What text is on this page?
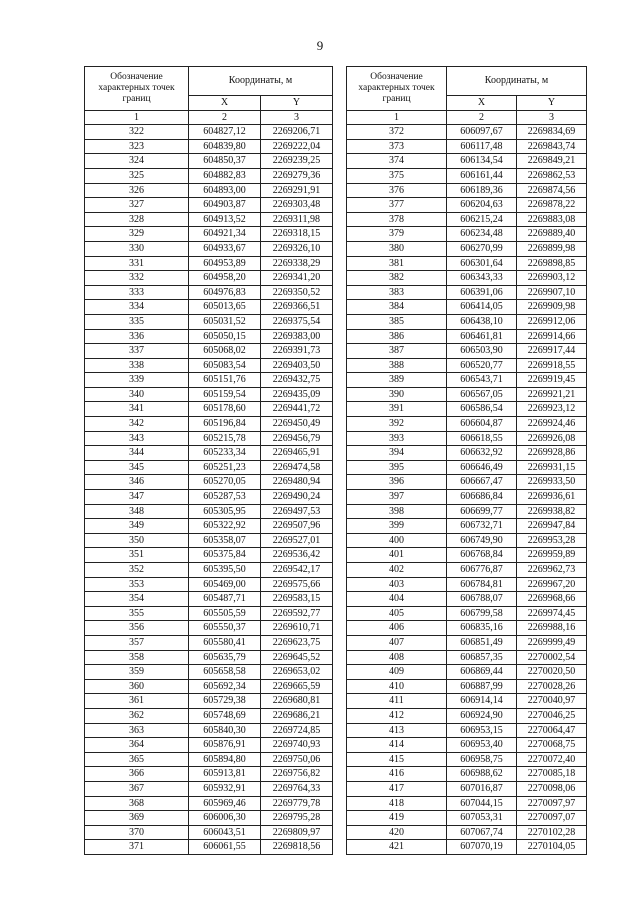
9
Обозначение характерных точек границ	Координаты, м	
	X	Y
1	2	3
322	604827,12	2269206,71
323	604839,80	2269222,04
324	604850,37	2269239,25
325	604882,83	2269279,36
326	604893,00	2269291,91
327	604903,87	2269303,48
328	604913,52	2269311,98
329	604921,34	2269318,15
330	604933,67	2269326,10
331	604953,89	2269338,29
332	604958,20	2269341,20
333	604976,83	2269350,52
334	605013,65	2269366,51
335	605031,52	2269375,54
336	605050,15	2269383,00
337	605068,02	2269391,73
338	605083,54	2269403,50
339	605151,76	2269432,75
340	605159,54	2269435,09
341	605178,60	2269441,72
342	605196,84	2269450,49
343	605215,78	2269456,79
344	605233,34	2269465,91
345	605251,23	2269474,58
346	605270,05	2269480,94
347	605287,53	2269490,24
348	605305,95	2269497,53
349	605322,92	2269507,96
350	605358,07	2269527,01
351	605375,84	2269536,42
352	605395,50	2269542,17
353	605469,00	2269575,66
354	605487,71	2269583,15
355	605505,59	2269592,77
356	605550,37	2269610,71
357	605580,41	2269623,75
358	605635,79	2269645,52
359	605658,58	2269653,02
360	605692,34	2269665,59
361	605729,38	2269680,81
362	605748,69	2269686,21
363	605840,30	2269724,85
364	605876,91	2269740,93
365	605894,80	2269750,06
366	605913,81	2269756,82
367	605932,91	2269764,33
368	605969,46	2269779,78
369	606006,30	2269795,28
370	606043,51	2269809,97
371	606061,55	2269818,56
Обозначение характерных точек границ	Координаты, м	
	X	Y
1	2	3
372	606097,67	2269834,69
373	606117,48	2269843,74
374	606134,54	2269849,21
375	606161,44	2269862,53
376	606189,36	2269874,56
377	606204,63	2269878,22
378	606215,24	2269883,08
379	606234,48	2269889,40
380	606270,99	2269899,98
381	606301,64	2269898,85
382	606343,33	2269903,12
383	606391,06	2269907,10
384	606414,05	2269909,98
385	606438,10	2269912,06
386	606461,81	2269914,66
387	606503,90	2269917,44
388	606520,77	2269918,55
389	606543,71	2269919,45
390	606567,05	2269921,21
391	606586,54	2269923,12
392	606604,87	2269924,46
393	606618,55	2269926,08
394	606632,92	2269928,86
395	606646,49	2269931,15
396	606667,47	2269933,50
397	606686,84	2269936,61
398	606699,77	2269938,82
399	606732,71	2269947,84
400	606749,90	2269953,28
401	606768,84	2269959,89
402	606776,87	2269962,73
403	606784,81	2269967,20
404	606788,07	2269968,66
405	606799,58	2269974,45
406	606835,16	2269988,16
407	606851,49	2269999,49
408	606857,35	2270002,54
409	606869,44	2270020,50
410	606887,99	2270028,26
411	606914,14	2270040,97
412	606924,90	2270046,25
413	606953,15	2270064,47
414	606953,40	2270068,75
415	606958,75	2270072,40
416	606988,62	2270085,18
417	607016,87	2270098,06
418	607044,15	2270097,97
419	607053,31	2270097,07
420	607067,74	2270102,28
421	607070,19	2270104,05
